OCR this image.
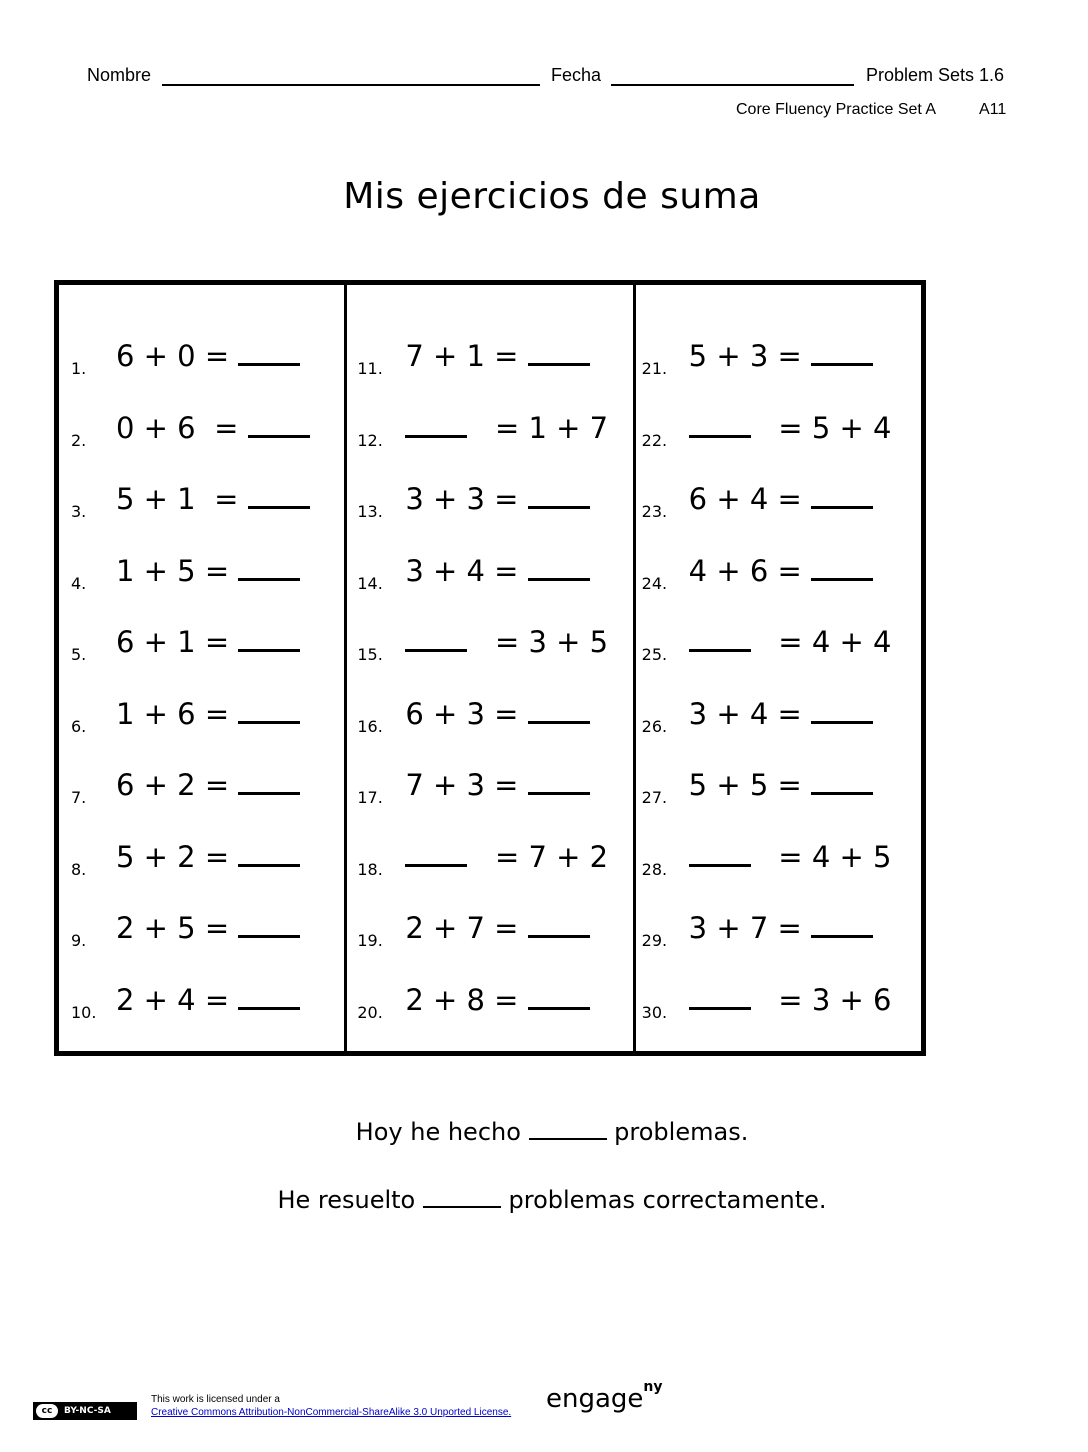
Nombre	Fecha	Problem Sets 1.6
Core Fluency Practice Set A	A11
Mis ejercicios de suma
1. 6 + 0 =
2. 0 + 6  =
3. 5 + 1  =
4. 1 + 5 =
5. 6 + 1 =
6. 1 + 6 =
7. 6 + 2 =
8. 5 + 2 =
9. 2 + 5 =
10. 2 + 4 =
11. 7 + 1 =
12.	= 1 + 7
13. 3 + 3 =
14. 3 + 4 =
15.	= 3 + 5
16. 6 + 3 =
17. 7 + 3 =
18.	= 7 + 2
19. 2 + 7 =
20. 2 + 8 =
21. 5 + 3 =
22.	= 5 + 4
23. 6 + 4 =
24. 4 + 6 =
25.	= 4 + 4
26. 3 + 4 =
27. 5 + 5 =
28.	= 4 + 5
29. 3 + 7 =
30.	= 3 + 6
Hoy he hecho	problemas.
He resuelto	problemas correctamente.
cc	BY-NC-SA
This work is licensed under a
Creative Commons Attribution-NonCommercial-ShareAlike 3.0 Unported License. engage$^{ny}$
